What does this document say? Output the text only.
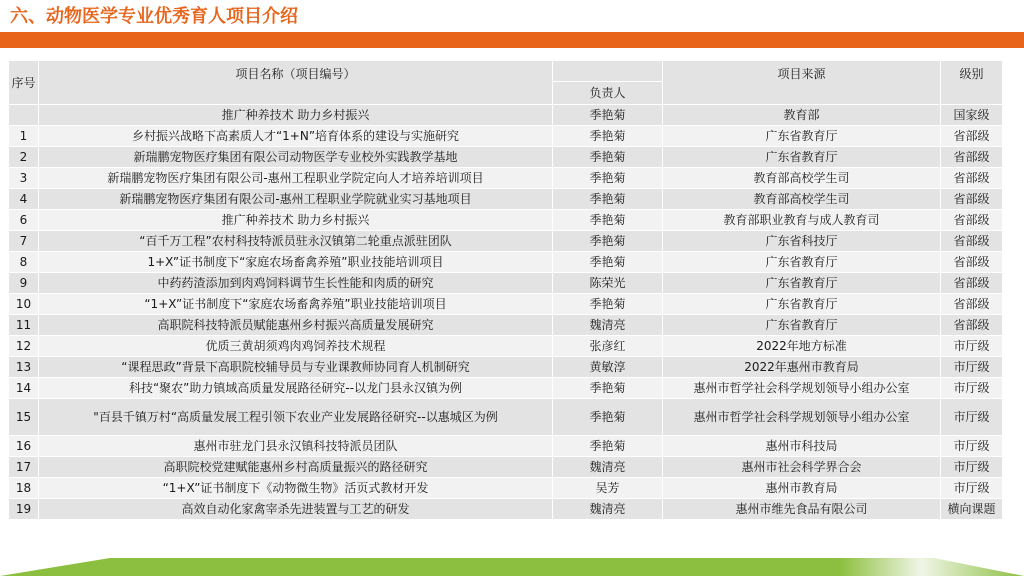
六、动物医学专业优秀育人项目介绍
序号	项目名称（项目编号）		项目来源	级别
		负责人		
	推广种养技术 助力乡村振兴	季艳菊	教育部	国家级
1	乡村振兴战略下高素质人才“1+N”培育体系的建设与实施研究	季艳菊	广东省教育厅	省部级
2	新瑞鹏宠物医疗集团有限公司动物医学专业校外实践教学基地	季艳菊	广东省教育厅	省部级
3	新瑞鹏宠物医疗集团有限公司-惠州工程职业学院定向人才培养培训项目	季艳菊	教育部高校学生司	省部级
4	新瑞鹏宠物医疗集团有限公司-惠州工程职业学院就业实习基地项目	季艳菊	教育部高校学生司	省部级
6	推广种养技术 助力乡村振兴	季艳菊	教育部职业教育与成人教育司	省部级
7	“百千万工程”农村科技特派员驻永汉镇第二轮重点派驻团队	季艳菊	广东省科技厅	省部级
8	1+X”证书制度下“家庭农场畜禽养殖”职业技能培训项目	季艳菊	广东省教育厅	省部级
9	中药药渣添加到肉鸡饲料调节生长性能和肉质的研究	陈荣光	广东省教育厅	省部级
10	“1+X”证书制度下“家庭农场畜禽养殖”职业技能培训项目	季艳菊	广东省教育厅	省部级
11	高职院科技特派员赋能惠州乡村振兴高质量发展研究	魏清亮	广东省教育厅	省部级
12	优质三黄胡须鸡肉鸡饲养技术规程	张彦红	2022年地方标准	市厅级
13	“课程思政”背景下高职院校辅导员与专业课教师协同育人机制研究	黄敏淳	2022年惠州市教育局	市厅级
14	科技“聚农”助力镇域高质量发展路径研究--以龙门县永汉镇为例	季艳菊	惠州市哲学社会科学规划领导小组办公室	市厅级
15	"百县千镇万村“高质量发展工程引领下农业产业发展路径研究--以惠城区为例	季艳菊	惠州市哲学社会科学规划领导小组办公室	市厅级
16	惠州市驻龙门县永汉镇科技特派员团队	季艳菊	惠州市科技局	市厅级
17	高职院校党建赋能惠州乡村高质量振兴的路径研究	魏清亮	惠州市社会科学界合会	市厅级
18	“1+X”证书制度下《动物微生物》活页式教材开发	吴芳	惠州市教育局	市厅级
19	高效自动化家禽宰杀先进装置与工艺的研发	魏清亮	惠州市维先食品有限公司	横向课题
